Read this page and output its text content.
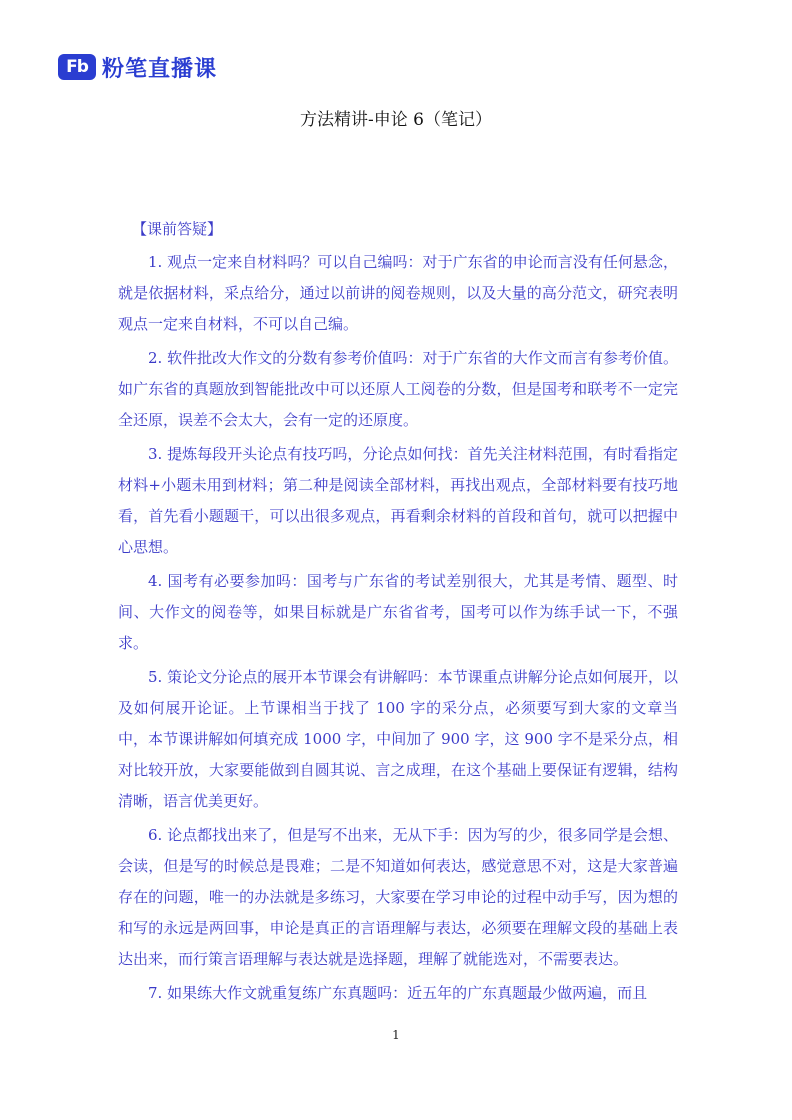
Fb 粉笔直播课
方法精讲-申论 6（笔记）
【课前答疑】

1. 观点一定来自材料吗？可以自己编吗：对于广东省的申论而言没有任何悬念，就是依据材料，采点给分，通过以前讲的阅卷规则，以及大量的高分范文，研究表明观点一定来自材料，不可以自己编。

2. 软件批改大作文的分数有参考价值吗：对于广东省的大作文而言有参考价值。如广东省的真题放到智能批改中可以还原人工阅卷的分数，但是国考和联考不一定完全还原，误差不会太大，会有一定的还原度。

3. 提炼每段开头论点有技巧吗，分论点如何找：首先关注材料范围，有时看指定材料+小题未用到材料；第二种是阅读全部材料，再找出观点，全部材料要有技巧地看，首先看小题题干，可以出很多观点，再看剩余材料的首段和首句，就可以把握中心思想。

4. 国考有必要参加吗：国考与广东省的考试差别很大，尤其是考情、题型、时间、大作文的阅卷等，如果目标就是广东省省考，国考可以作为练手试一下，不强求。

5. 策论文分论点的展开本节课会有讲解吗：本节课重点讲解分论点如何展开，以及如何展开论证。上节课相当于找了 100 字的采分点，必须要写到大家的文章当中，本节课讲解如何填充成 1000 字，中间加了 900 字，这 900 字不是采分点，相对比较开放，大家要能做到自圆其说、言之成理，在这个基础上要保证有逻辑，结构清晰，语言优美更好。

6. 论点都找出来了，但是写不出来，无从下手：因为写的少，很多同学是会想、会读，但是写的时候总是畏难；二是不知道如何表达，感觉意思不对，这是大家普遍存在的问题，唯一的办法就是多练习，大家要在学习申论的过程中动手写，因为想的和写的永远是两回事，申论是真正的言语理解与表达，必须要在理解文段的基础上表达出来，而行策言语理解与表达就是选择题，理解了就能选对，不需要表达。

7. 如果练大作文就重复练广东真题吗：近五年的广东真题最少做两遍，而且

1
